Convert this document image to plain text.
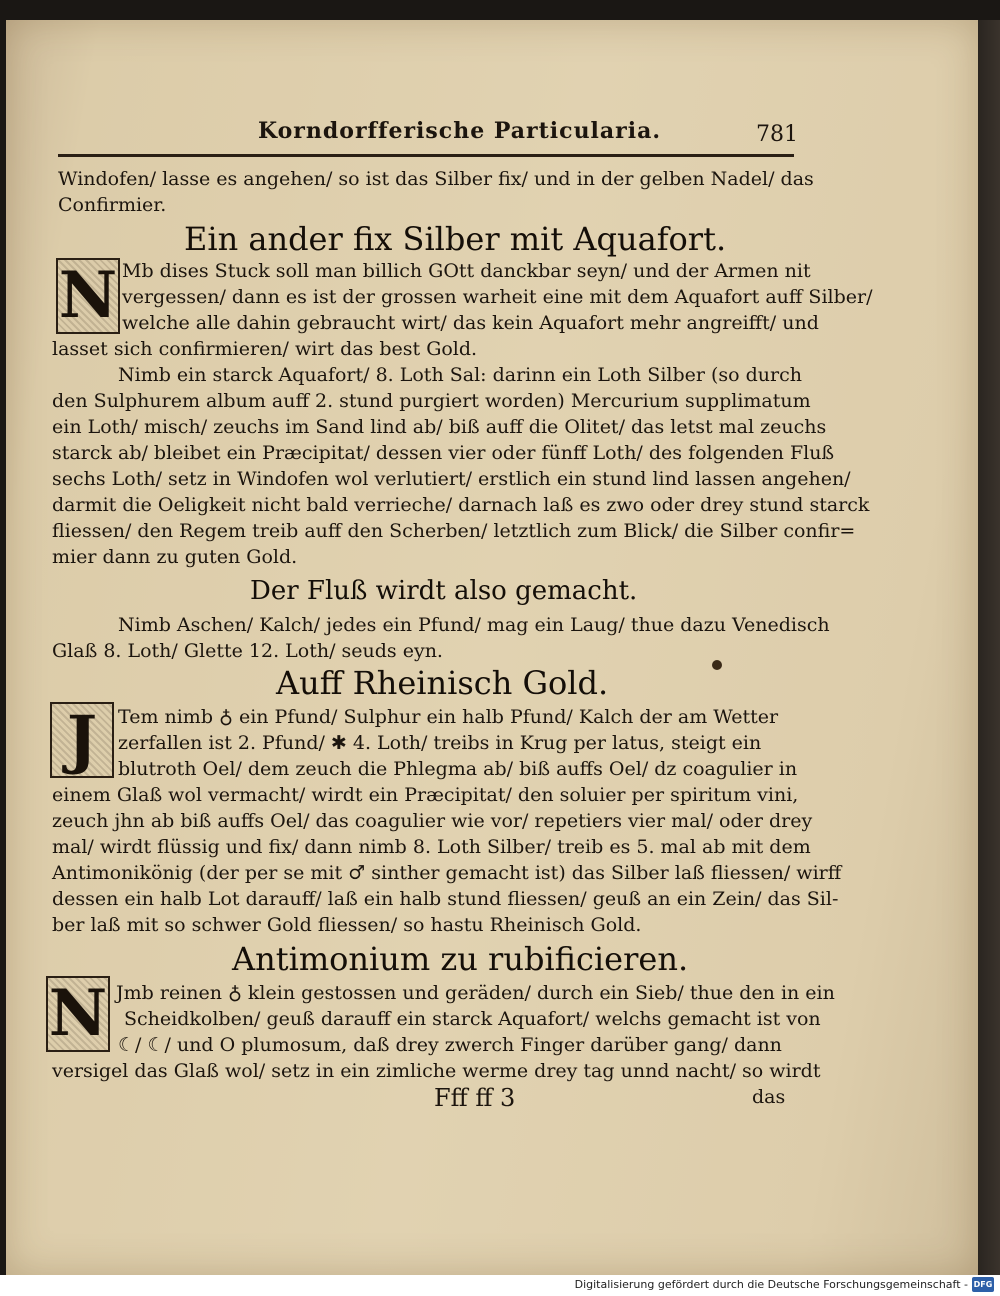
Korndorfferische Particularia.	781
Windofen/ lasse es angehen/ so ist das Silber fix/ und in der gelben Nadel/ das
Confirmier.
Ein ander fix Silber mit Aquafort.
N Mb dises Stuck soll man billich GOtt danckbar seyn/ und der Armen nit
vergessen/ dann es ist der grossen warheit eine mit dem Aquafort auff Silber/
welche alle dahin gebraucht wirt/ das kein Aquafort mehr angreifft/ und
lasset sich confirmieren/ wirt das best Gold.
Nimb ein starck Aquafort/ 8. Loth Sal: darinn ein Loth Silber (so durch
den Sulphurem album auff 2. stund purgiert worden) Mercurium supplimatum
ein Loth/ misch/ zeuchs im Sand lind ab/ biß auff die Olitet/ das letst mal zeuchs
starck ab/ bleibet ein Præcipitat/ dessen vier oder fünff Loth/ des folgenden Fluß
sechs Loth/ setz in Windofen wol verlutiert/ erstlich ein stund lind lassen angehen/
darmit die Oeligkeit nicht bald verrieche/ darnach laß es zwo oder drey stund starck
fliessen/ den Regem treib auff den Scherben/ letztlich zum Blick/ die Silber confir=
mier dann zu guten Gold.
Der Fluß wirdt also gemacht.
Nimb Aschen/ Kalch/ jedes ein Pfund/ mag ein Laug/ thue dazu Venedisch
Glaß 8. Loth/ Glette 12. Loth/ seuds eyn.
Auff Rheinisch Gold.
J	Tem nimb ♁ ein Pfund/ Sulphur ein halb Pfund/ Kalch der am Wetter
zerfallen ist 2. Pfund/ ✱ 4. Loth/ treibs in Krug per latus, steigt ein
blutroth Oel/ dem zeuch die Phlegma ab/ biß auffs Oel/ dz coagulier in
einem Glaß wol vermacht/ wirdt ein Præcipitat/ den soluier per spiritum vini,
zeuch jhn ab biß auffs Oel/ das coagulier wie vor/ repetiers vier mal/ oder drey
mal/ wirdt flüssig und fix/ dann nimb 8. Loth Silber/ treib es 5. mal ab mit dem
Antimonikönig (der per se mit ♂ sinther gemacht ist) das Silber laß fliessen/ wirff
dessen ein halb Lot darauff/ laß ein halb stund fliessen/ geuß an ein Zein/ das Sil-
ber laß mit so schwer Gold fliessen/ so hastu Rheinisch Gold.
Antimonium zu rubificieren.
N Jmb reinen ♁ klein gestossen und geräden/ durch ein Sieb/ thue den in ein
Scheidkolben/ geuß darauff ein starck Aquafort/ welchs gemacht ist von
☾/ ☾/ und O plumosum, daß drey zwerch Finger darüber gang/ dann
versigel das Glaß wol/ setz in ein zimliche werme drey tag unnd nacht/ so wirdt
Fff ff 3	das
Digitalisierung gefördert durch die Deutsche Forschungsgemeinschaft - DFG
